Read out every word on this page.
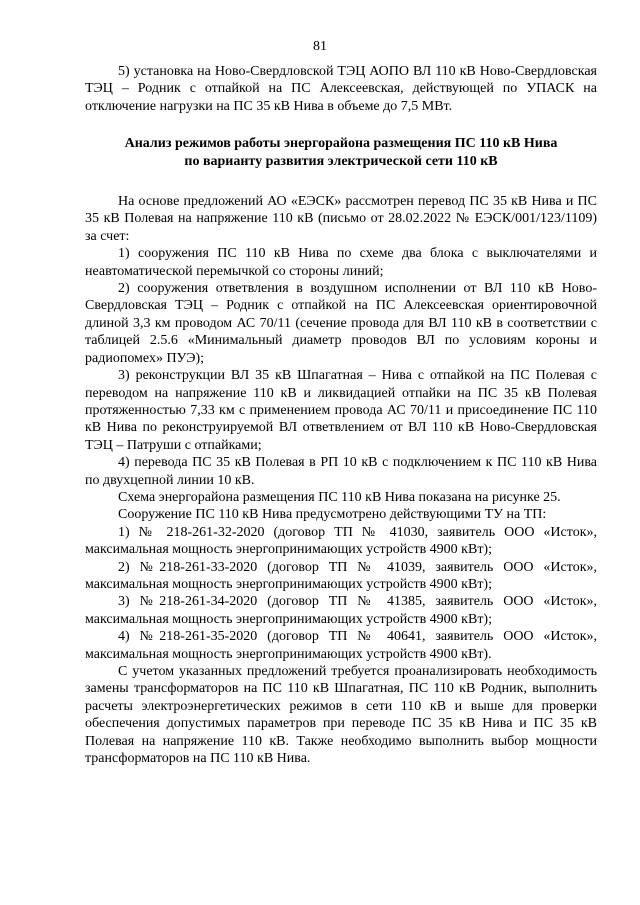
81

5) установка на Ново-Свердловской ТЭЦ АОПО ВЛ 110 кВ Ново-Свердловская ТЭЦ – Родник с отпайкой на ПС Алексеевская, действующей по УПАСК на отключение нагрузки на ПС 35 кВ Нива в объеме до 7,5 МВт.

Анализ режимов работы энергорайона размещения ПС 110 кВ Нива
по варианту развития электрической сети 110 кВ

На основе предложений АО «ЕЭСК» рассмотрен перевод ПС 35 кВ Нива и ПС 35 кВ Полевая на напряжение 110 кВ (письмо от 28.02.2022 № ЕЭСК/001/123/1109) за счет:

1) сооружения ПС 110 кВ Нива по схеме два блока с выключателями и неавтоматической перемычкой со стороны линий;

2) сооружения ответвления в воздушном исполнении от ВЛ 110 кВ Ново-Свердловская ТЭЦ – Родник с отпайкой на ПС Алексеевская ориентировочной длиной 3,3 км проводом АС 70/11 (сечение провода для ВЛ 110 кВ в соответствии с таблицей 2.5.6 «Минимальный диаметр проводов ВЛ по условиям короны и радиопомех» ПУЭ);

3) реконструкции ВЛ 35 кВ Шпагатная – Нива с отпайкой на ПС Полевая с переводом на напряжение 110 кВ и ликвидацией отпайки на ПС 35 кВ Полевая протяженностью 7,33 км с применением провода АС 70/11 и присоединение ПС 110 кВ Нива по реконструируемой ВЛ ответвлением от ВЛ 110 кВ Ново-Свердловская ТЭЦ – Патруши с отпайками;

4) перевода ПС 35 кВ Полевая в РП 10 кВ с подключением к ПС 110 кВ Нива по двухцепной линии 10 кВ.

Схема энергорайона размещения ПС 110 кВ Нива показана на рисунке 25.

Сооружение ПС 110 кВ Нива предусмотрено действующими ТУ на ТП:

1) № 218-261-32-2020 (договор ТП № 41030, заявитель ООО «Исток», максимальная мощность энергопринимающих устройств 4900 кВт);

2) №218-261-33-2020 (договор ТП № 41039, заявитель ООО «Исток», максимальная мощность энергопринимающих устройств 4900 кВт);

3) №218-261-34-2020 (договор ТП № 41385, заявитель ООО «Исток», максимальная мощность энергопринимающих устройств 4900 кВт);

4) №218-261-35-2020 (договор ТП № 40641, заявитель ООО «Исток», максимальная мощность энергопринимающих устройств 4900 кВт).

С учетом указанных предложений требуется проанализировать необходимость замены трансформаторов на ПС 110 кВ Шпагатная, ПС 110 кВ Родник, выполнить расчеты электроэнергетических режимов в сети 110 кВ и выше для проверки обеспечения допустимых параметров при переводе ПС 35 кВ Нива и ПС 35 кВ Полевая на напряжение 110 кВ. Также необходимо выполнить выбор мощности трансформаторов на ПС 110 кВ Нива.
